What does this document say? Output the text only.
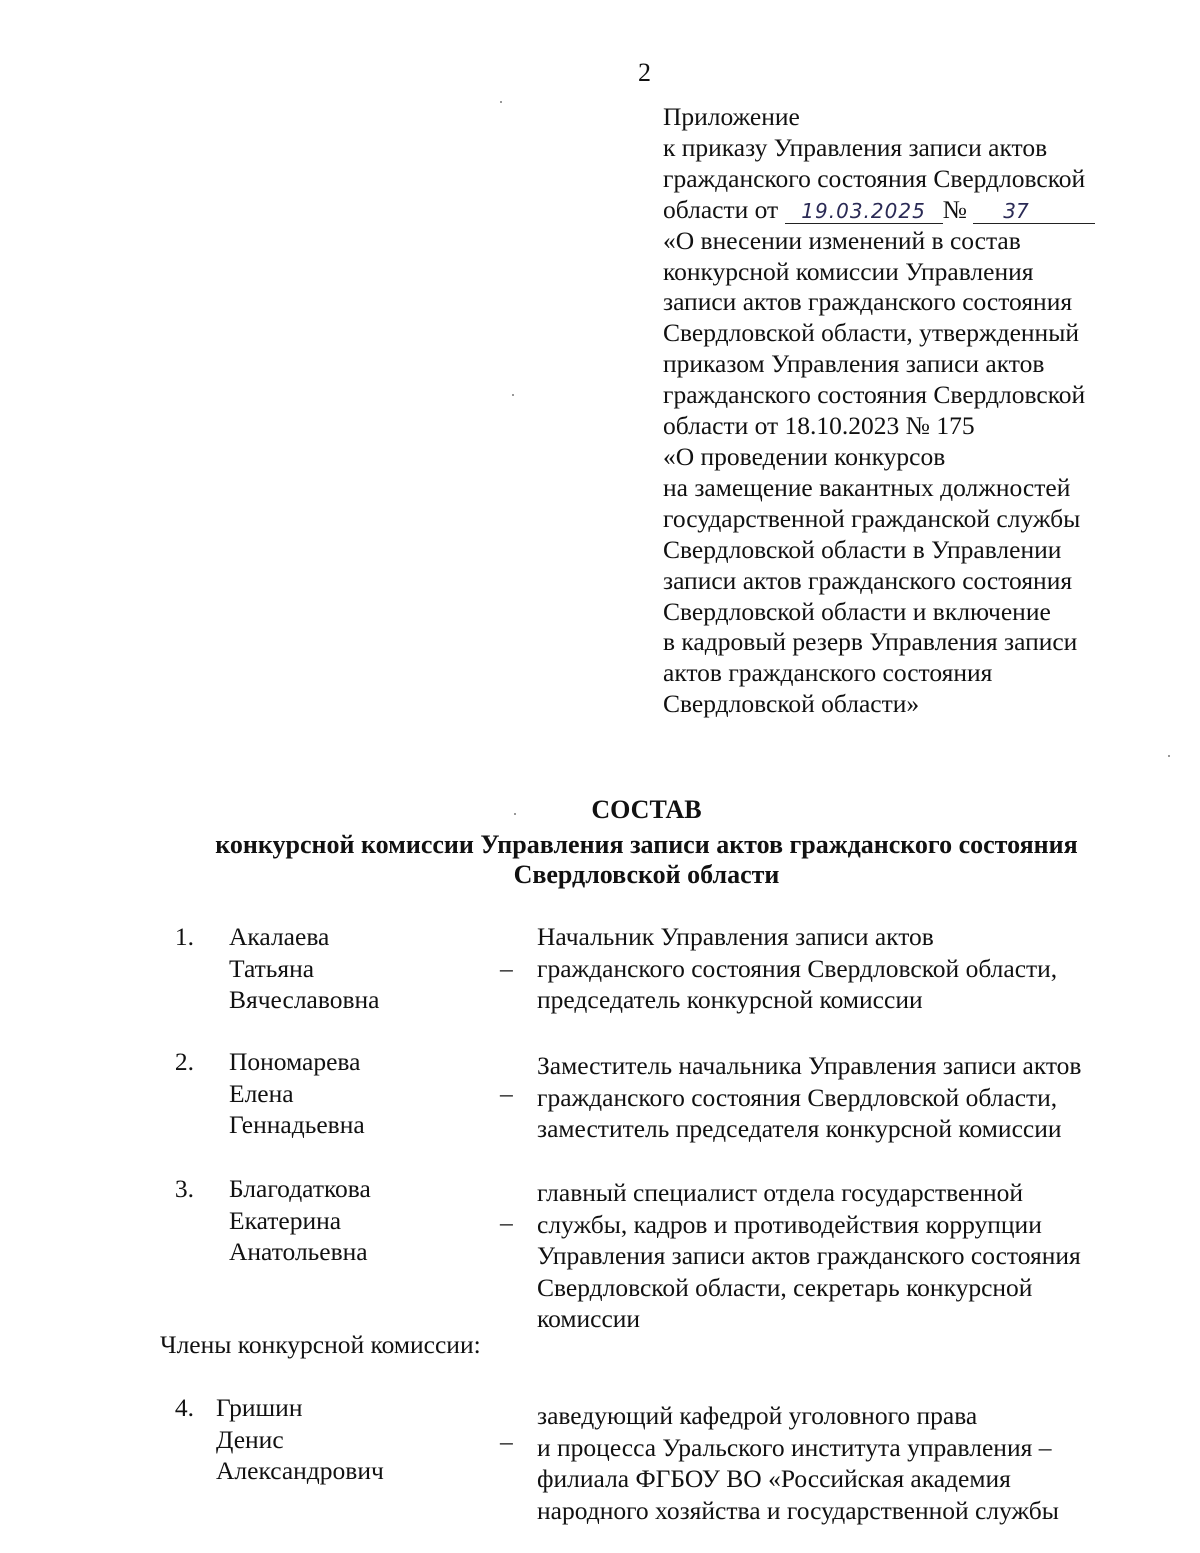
2
Приложение
к приказу Управления записи актов
гражданского состояния Свердловской
области от 19.03.2025 № 37
«О внесении изменений в состав
конкурсной комиссии Управления
записи актов гражданского состояния
Свердловской области, утвержденный
приказом Управления записи актов
гражданского состояния Свердловской
области от 18.10.2023 № 175
«О проведении конкурсов
на замещение вакантных должностей
государственной гражданской службы
Свердловской области в Управлении
записи актов гражданского состояния
Свердловской области и включение
в кадровый резерв Управления записи
актов гражданского состояния
Свердловской области»
СОСТАВ
конкурсной комиссии Управления записи актов гражданского состояния
Свердловской области
1. Акалаева
Татьяна
Вячеславовна
–
Начальник Управления записи актов
гражданского состояния Свердловской области,
председатель конкурсной комиссии
2. Пономарева
Елена
Геннадьевна
–
Заместитель начальника Управления записи актов
гражданского состояния Свердловской области,
заместитель председателя конкурсной комиссии
3. Благодаткова
Екатерина
Анатольевна
–
главный специалист отдела государственной
службы, кадров и противодействия коррупции
Управления записи актов гражданского состояния
Свердловской области, секретарь конкурсной
комиссии
Члены конкурсной комиссии:
4. Гришин
Денис
Александрович
–
заведующий кафедрой уголовного права
и процесса Уральского института управления –
филиала ФГБОУ ВО «Российская академия
народного хозяйства и государственной службы
